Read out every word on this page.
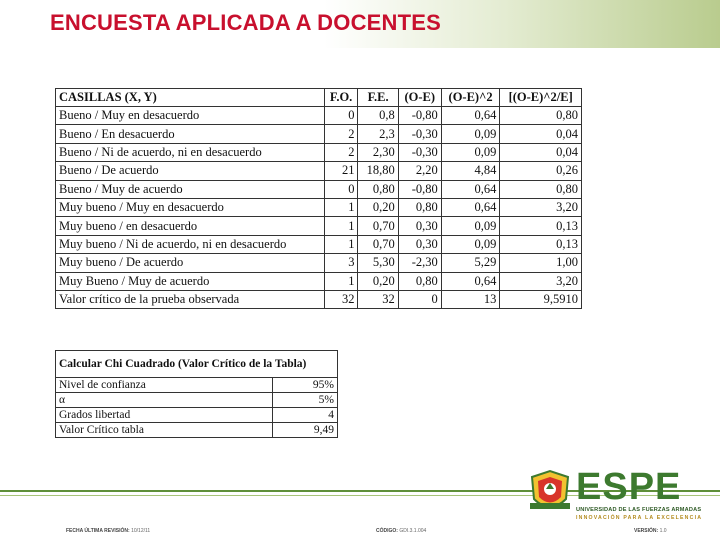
ENCUESTA APLICADA A DOCENTES
CASILLAS (X, Y)	F.O.	F.E.	(O-E)	(O-E)^2	[(O-E)^2/E]
Bueno / Muy en desacuerdo	0	0,8	-0,80	0,64	0,80
Bueno / En desacuerdo	2	2,3	-0,30	0,09	0,04
Bueno / Ni de acuerdo, ni en desacuerdo	2	2,30	-0,30	0,09	0,04
Bueno / De acuerdo	21	18,80	2,20	4,84	0,26
Bueno / Muy de acuerdo	0	0,80	-0,80	0,64	0,80
Muy bueno / Muy en desacuerdo	1	0,20	0,80	0,64	3,20
Muy bueno / en desacuerdo	1	0,70	0,30	0,09	0,13
Muy bueno / Ni de acuerdo, ni en desacuerdo	1	0,70	0,30	0,09	0,13
Muy bueno / De acuerdo	3	5,30	-2,30	5,29	1,00
Muy Bueno / Muy de acuerdo	1	0,20	0,80	0,64	3,20
Valor crítico de la prueba observada	32	32	0	13	9,5910
Calcular Chi Cuadrado (Valor Crítico de la Tabla)	
Nivel de confianza	95%
α	5%
Grados libertad	4
Valor Crítico tabla	9,49
ESPE
UNIVERSIDAD DE LAS FUERZAS ARMADAS
INNOVACIÓN PARA LA EXCELENCIA
FECHA ÚLTIMA REVISIÓN: 10/12/11	CÓDIGO: GDI.3.1.004	VERSIÓN: 1.0
